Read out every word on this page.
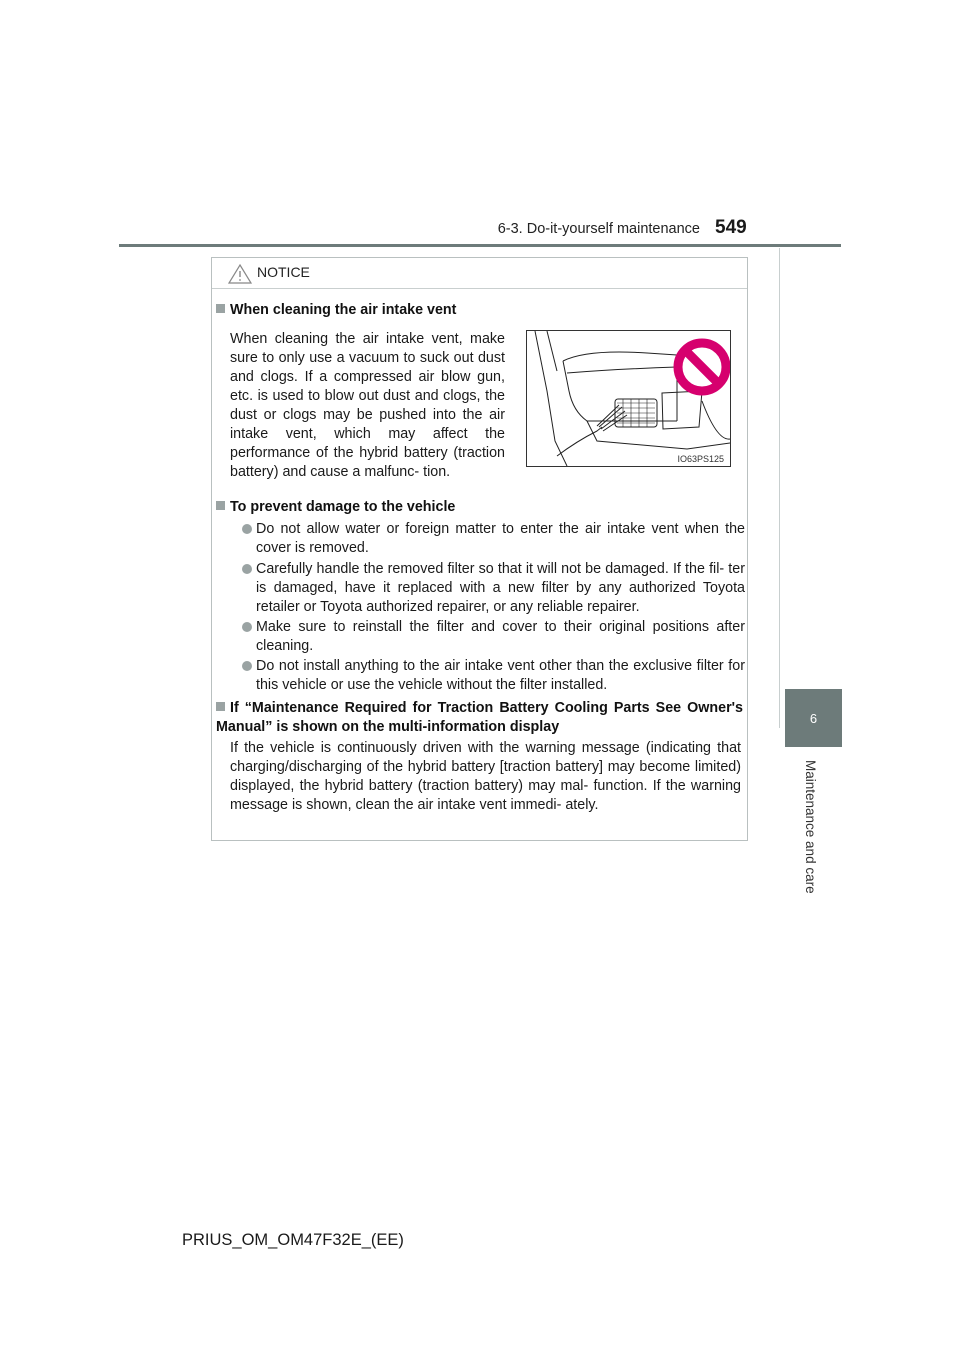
6-3. Do-it-yourself maintenance 549
6
Maintenance and care
NOTICE
When cleaning the air intake vent
When cleaning the air intake vent, make sure to only use a vacuum to suck out dust and clogs. If a compressed air blow gun, etc. is used to blow out dust and clogs, the dust or clogs may be pushed into the air intake vent, which may affect the performance of the hybrid battery (traction battery) and cause a malfunc- tion.
To prevent damage to the vehicle
Do not allow water or foreign matter to enter the air intake vent when the cover is removed.
Carefully handle the removed filter so that it will not be damaged. If the fil- ter is damaged, have it replaced with a new filter by any authorized Toyota retailer or Toyota authorized repairer, or any reliable repairer.
Make sure to reinstall the filter and cover to their original positions after cleaning.
Do not install anything to the air intake vent other than the exclusive filter for this vehicle or use the vehicle without the filter installed.
If “Maintenance Required for Traction Battery Cooling Parts See Owner's Manual” is shown on the multi-information display
If the vehicle is continuously driven with the warning message (indicating that charging/discharging of the hybrid battery [traction battery] may become limited) displayed, the hybrid battery (traction battery) may mal- function. If the warning message is shown, clean the air intake vent immedi- ately.
IO63PS125
PRIUS_OM_OM47F32E_(EE)
